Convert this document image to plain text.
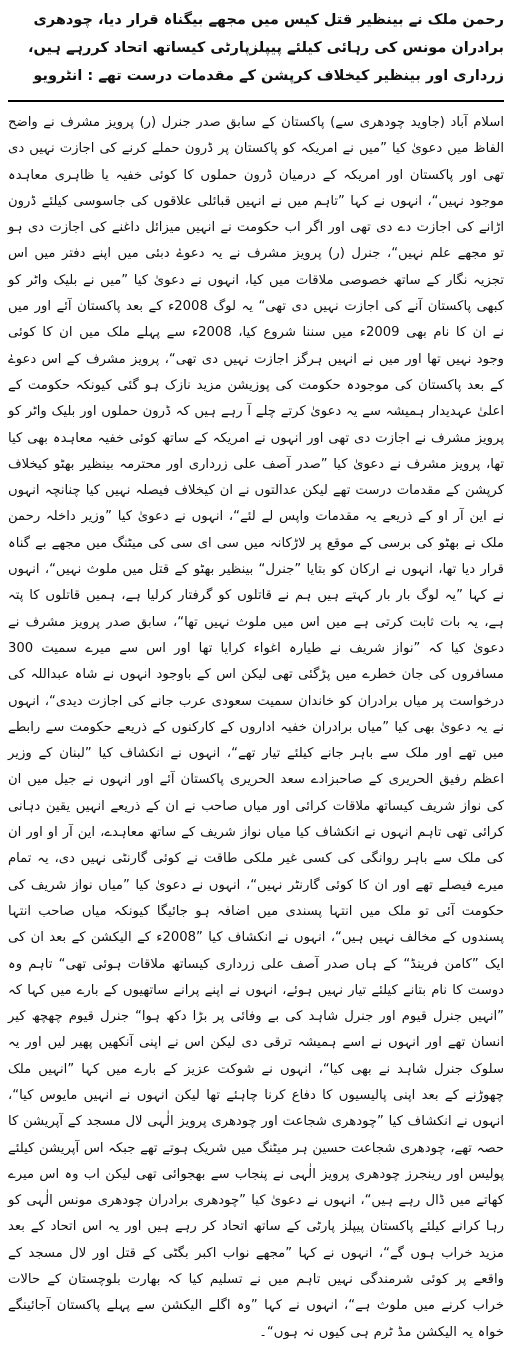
رحمن ملک نے بینظیر قتل کیس میں مجھے بیگناہ قرار دیا، چودھری برادران مونس کی رہائی کیلئے پیپلزپارٹی کیساتھ اتحاد کررہے ہیں، زرداری اور بینظیر کیخلاف کرپشن کے مقدمات درست تھے : انٹرویو

اسلام آباد (جاوید چودھری سے) پاکستان کے سابق صدر جنرل (ر) پرویز مشرف نے واضح الفاظ میں دعویٰ کیا ”میں نے امریکہ کو پاکستان پر ڈرون حملے کرنے کی اجازت نہیں دی تھی اور پاکستان اور امریکہ کے درمیان ڈرون حملوں کا کوئی خفیہ یا ظاہری معاہدہ موجود نہیں“، انہوں نے کہا ”تاہم میں نے انہیں قبائلی علاقوں کی جاسوسی کیلئے ڈرون اڑانے کی اجازت دے دی تھی اور اگر اب حکومت نے انہیں میزائل داغنے کی اجازت دی ہو تو مجھے علم نہیں“، جنرل (ر) پرویز مشرف نے یہ دعوےٰ دبئی میں اپنے دفتر میں اس تجزیہ نگار کے ساتھ خصوصی ملاقات میں کیا، انہوں نے دعویٰ کیا ”میں نے بلیک واٹر کو کبھی پاکستان آنے کی اجازت نہیں دی تھی“ یہ لوگ 2008ء کے بعد پاکستان آئے اور میں نے ان کا نام بھی 2009ء میں سننا شروع کیا، 2008ء سے پہلے ملک میں ان کا کوئی وجود نہیں تھا اور میں نے انہیں ہرگز اجازت نہیں دی تھی“، پرویز مشرف کے اس دعوےٰ کے بعد پاکستان کی موجودہ حکومت کی پوزیشن مزید نازک ہو گئی کیونکہ حکومت کے اعلیٰ عہدیدار ہمیشہ سے یہ دعویٰ کرتے چلے آ رہے ہیں کہ ڈرون حملوں اور بلیک واٹر کو پرویز مشرف نے اجازت دی تھی اور انہوں نے امریکہ کے ساتھ کوئی خفیہ معاہدہ بھی کیا تھا، پرویز مشرف نے دعویٰ کیا ”صدر آصف علی زرداری اور محترمہ بینظیر بھٹو کیخلاف کرپشن کے مقدمات درست تھے لیکن عدالتوں نے ان کیخلاف فیصلہ نہیں کیا چنانچہ انہوں نے این آر او کے ذریعے یہ مقدمات واپس لے لئے“، انہوں نے دعویٰ کیا ”وزیر داخلہ رحمن ملک نے بھٹو کی برسی کے موقع پر لاڑکانہ میں سی ای سی کی میٹنگ میں مجھے بے گناہ قرار دیا تھا، انہوں نے ارکان کو بتایا ”جنرل“ بینظیر بھٹو کے قتل میں ملوث نہیں“، انہوں نے کہا ”یہ لوگ بار بار کہتے ہیں ہم نے قاتلوں کو گرفتار کرلیا ہے، ہمیں قاتلوں کا پتہ ہے، یہ بات ثابت کرتی ہے میں اس میں ملوث نہیں تھا“، سابق صدر پرویز مشرف نے دعویٰ کیا کہ ”نواز شریف نے طیارہ اغواء کرایا تھا اور اس سے میرے سمیت 300 مسافروں کی جان خطرے میں پڑگئی تھی لیکن اس کے باوجود انہوں نے شاہ عبداللہ کی درخواست پر میاں برادران کو خاندان سمیت سعودی عرب جانے کی اجازت دیدی“، انہوں نے یہ دعویٰ بھی کیا ”میاں برادران خفیہ اداروں کے کارکنوں کے ذریعے حکومت سے رابطے میں تھے اور ملک سے باہر جانے کیلئے تیار تھے“، انہوں نے انکشاف کیا ”لبنان کے وزیر اعظم رفیق الحریری کے صاحبزادے سعد الحریری پاکستان آئے اور انہوں نے جیل میں ان کی نواز شریف کیساتھ ملاقات کرائی اور میاں صاحب نے ان کے ذریعے انہیں یقین دہانی کرائی تھی تاہم انہوں نے انکشاف کیا میاں نواز شریف کے ساتھ معاہدے، این آر او اور ان کی ملک سے باہر روانگی کی کسی غیر ملکی طاقت نے کوئی گارنٹی نہیں دی، یہ تمام میرے فیصلے تھے اور ان کا کوئی گارنٹر نہیں“، انہوں نے دعویٰ کیا ”میاں نواز شریف کی حکومت آئی تو ملک میں انتہا پسندی میں اضافہ ہو جائیگا کیونکہ میاں صاحب انتہا پسندوں کے مخالف نہیں ہیں“، انہوں نے انکشاف کیا ”2008ء کے الیکشن کے بعد ان کی ایک ”کامن فرینڈ“ کے ہاں صدر آصف علی زرداری کیساتھ ملاقات ہوئی تھی“ تاہم وہ دوست کا نام بتانے کیلئے تیار نہیں ہوئے، انہوں نے اپنے پرانے ساتھیوں کے بارے میں کہا کہ ”انہیں جنرل قیوم اور جنرل شاہد کی بے وفائی پر بڑا دکھ ہوا“ جنرل قیوم چھچھ کیر انسان تھے اور انہوں نے اسے ہمیشہ ترقی دی لیکن اس نے اپنی آنکھیں پھیر لیں اور یہ سلوک جنرل شاہد نے بھی کیا“، انہوں نے شوکت عزیز کے بارے میں کہا ”انہیں ملک چھوڑنے کے بعد اپنی پالیسیوں کا دفاع کرنا چاہئے تھا لیکن انہوں نے انہیں مایوس کیا“، انہوں نے انکشاف کیا ”چودھری شجاعت اور چودھری پرویز الٰہی لال مسجد کے آپریشن کا حصہ تھے، چودھری شجاعت حسین ہر میٹنگ میں شریک ہوتے تھے جبکہ اس آپریشن کیلئے پولیس اور رینجرز چودھری پرویز الٰہی نے پنجاب سے بھجوائی تھی لیکن اب وہ اس میرے کھاتے میں ڈال رہے ہیں“، انہوں نے دعویٰ کیا ”چودھری برادران چودھری مونس الٰہی کو رہا کرانے کیلئے پاکستان پیپلز پارٹی کے ساتھ اتحاد کر رہے ہیں اور یہ اس اتحاد کے بعد مزید خراب ہوں گے“، انہوں نے کہا ”مجھے نواب اکبر بگٹی کے قتل اور لال مسجد کے واقعے پر کوئی شرمندگی نہیں تاہم میں نے تسلیم کیا کہ بھارت بلوچستان کے حالات خراب کرنے میں ملوث ہے“، انہوں نے کہا ”وہ اگلے الیکشن سے پہلے پاکستان آجائینگے خواہ یہ الیکشن مڈ ٹرم ہی کیوں نہ ہوں“۔
